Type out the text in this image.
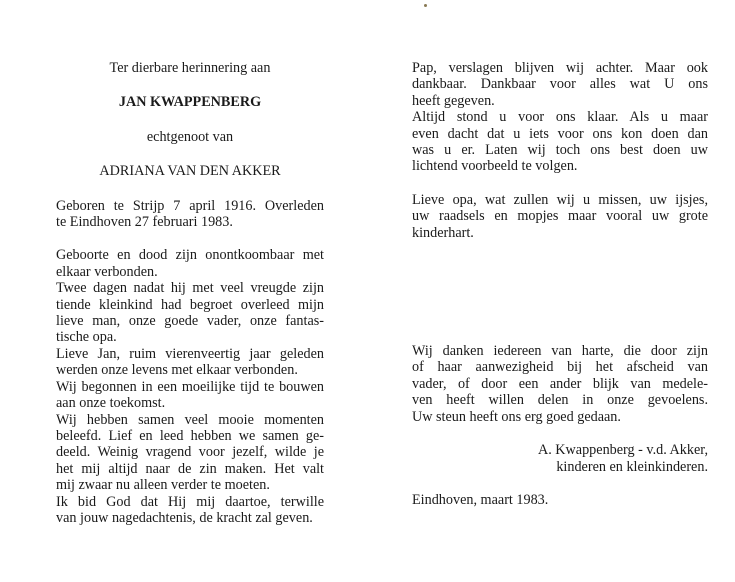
Ter dierbare herinnering aan
JAN KWAPPENBERG
echtgenoot van
ADRIANA VAN DEN AKKER
Geboren te Strijp 7 april 1916. Overleden
te Eindhoven 27 februari 1983.
Geboorte en dood zijn onontkoombaar met
elkaar verbonden.
Twee dagen nadat hij met veel vreugde zijn
tiende kleinkind had begroet overleed mijn
lieve man, onze goede vader, onze fantas-
tische opa.
Lieve Jan, ruim vierenveertig jaar geleden
werden onze levens met elkaar verbonden.
Wij begonnen in een moeilijke tijd te bouwen
aan onze toekomst.
Wij hebben samen veel mooie momenten
beleefd. Lief en leed hebben we samen ge-
deeld. Weinig vragend voor jezelf, wilde je
het mij altijd naar de zin maken. Het valt
mij zwaar nu alleen verder te moeten.
Ik bid God dat Hij mij daartoe, terwille
van jouw nagedachtenis, de kracht zal geven.
Pap, verslagen blijven wij achter. Maar ook
dankbaar. Dankbaar voor alles wat U ons
heeft gegeven.
Altijd stond u voor ons klaar. Als u maar
even dacht dat u iets voor ons kon doen dan
was u er. Laten wij toch ons best doen uw
lichtend voorbeeld te volgen.
Lieve opa, wat zullen wij u missen, uw ijsjes,
uw raadsels en mopjes maar vooral uw grote
kinderhart.
Wij danken iedereen van harte, die door zijn
of haar aanwezigheid bij het afscheid van
vader, of door een ander blijk van medele-
ven heeft willen delen in onze gevoelens.
Uw steun heeft ons erg goed gedaan.
A. Kwappenberg - v.d. Akker,
kinderen en kleinkinderen.
Eindhoven, maart 1983.
